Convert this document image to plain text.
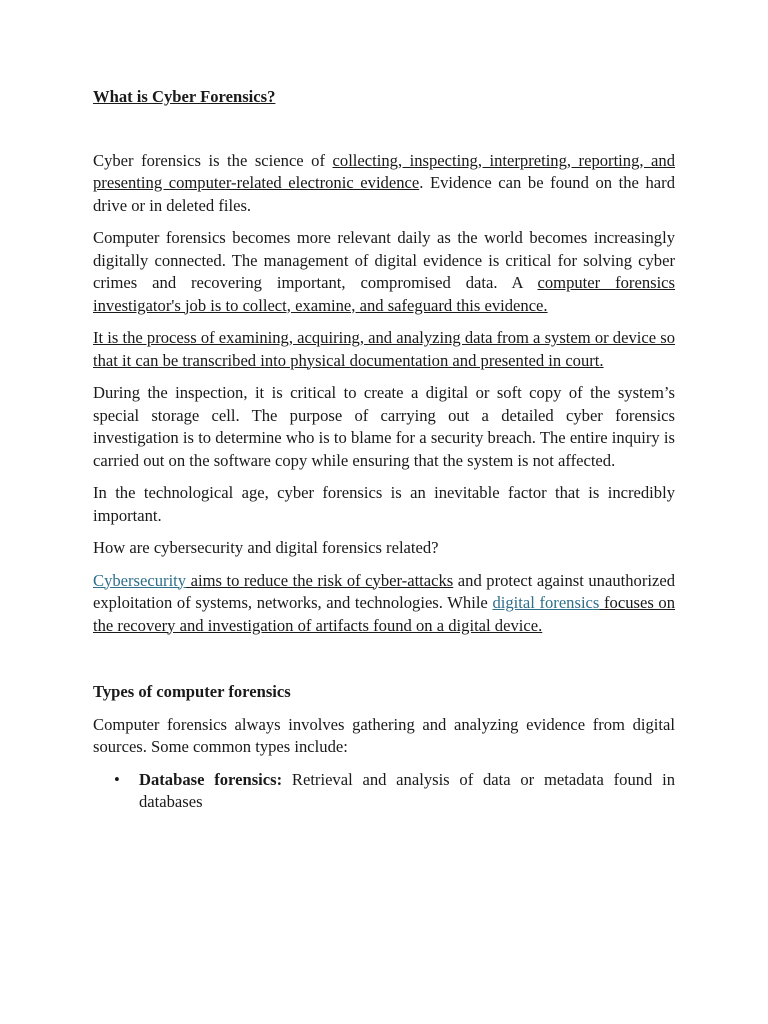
What is Cyber Forensics?

Cyber forensics is the science of collecting, inspecting, interpreting, reporting, and presenting computer-related electronic evidence. Evidence can be found on the hard drive or in deleted files.

Computer forensics becomes more relevant daily as the world becomes increasingly digitally connected. The management of digital evidence is critical for solving cyber crimes and recovering important, compromised data. A computer forensics investigator's job is to collect, examine, and safeguard this evidence.

It is the process of examining, acquiring, and analyzing data from a system or device so that it can be transcribed into physical documentation and presented in court.

During the inspection, it is critical to create a digital or soft copy of the system’s special storage cell. The purpose of carrying out a detailed cyber forensics investigation is to determine who is to blame for a security breach. The entire inquiry is carried out on the software copy while ensuring that the system is not affected.

In the technological age, cyber forensics is an inevitable factor that is incredibly important.

How are cybersecurity and digital forensics related?

Cybersecurity aims to reduce the risk of cyber-attacks and protect against unauthorized exploitation of systems, networks, and technologies. While digital forensics focuses on the recovery and investigation of artifacts found on a digital device.

Types of computer forensics

Computer forensics always involves gathering and analyzing evidence from digital sources. Some common types include:

• Database forensics: Retrieval and analysis of data or metadata found in databases
